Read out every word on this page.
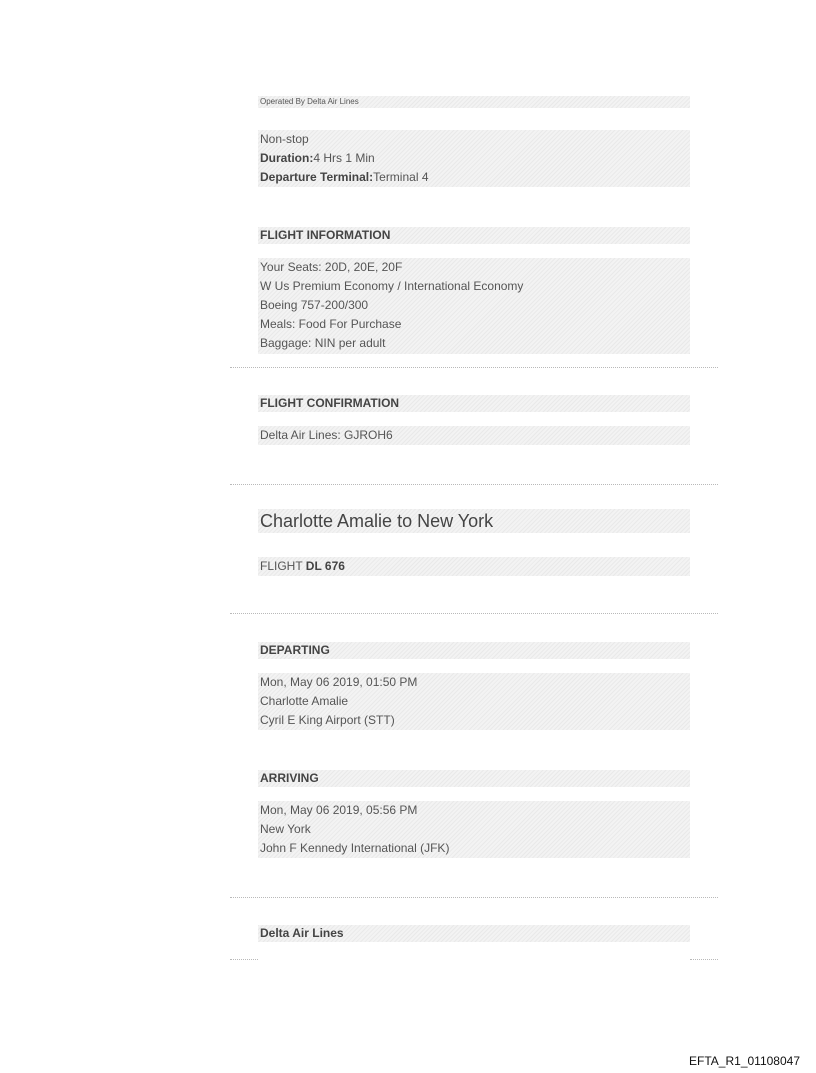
Operated By Delta Air Lines
Non-stop
Duration:4 Hrs 1 Min
Departure Terminal:Terminal 4
FLIGHT INFORMATION
Your Seats: 20D, 20E, 20F
W Us Premium Economy / International Economy
Boeing 757-200/300
Meals: Food For Purchase
Baggage: NIN per adult
FLIGHT CONFIRMATION
Delta Air Lines: GJROH6
Charlotte Amalie to New York
FLIGHT DL 676
DEPARTING
Mon, May 06 2019, 01:50 PM
Charlotte Amalie
Cyril E King Airport (STT)
ARRIVING
Mon, May 06 2019, 05:56 PM
New York
John F Kennedy International (JFK)
Delta Air Lines
EFTA_R1_01108047
